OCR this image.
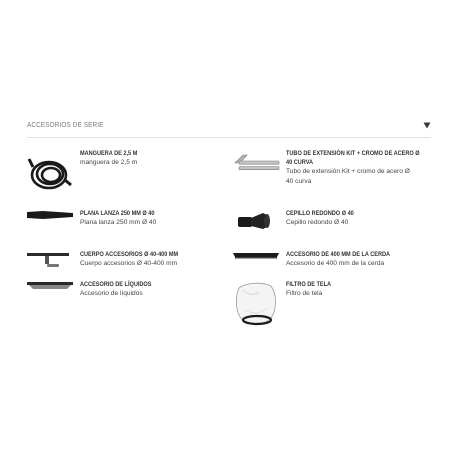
ACCESORIOS DE SERIE
MANGUERA DE 2,5 M
manguera de 2,5 m
TUBO DE EXTENSIÓN KIT + CROMO DE ACERO Ø 40 CURVA
Tubo de extensión Kit + cromo de acero Ø 40 curva
PLANA LANZA 250 MM Ø 40
Plana lanza 250 mm Ø 40
CEPILLO REDONDO Ø 40
Cepillo redondo Ø 40
CUERPO ACCESORIOS Ø 40-400 MM
Cuerpo accesorios Ø 40-400 mm
ACCESORIO DE 400 MM DE LA CERDA
Accesorio de 400 mm de la cerda
ACCESORIO DE LÍQUIDOS
Accesorio de líquidos
FILTRO DE TELA
Filtro de tela
